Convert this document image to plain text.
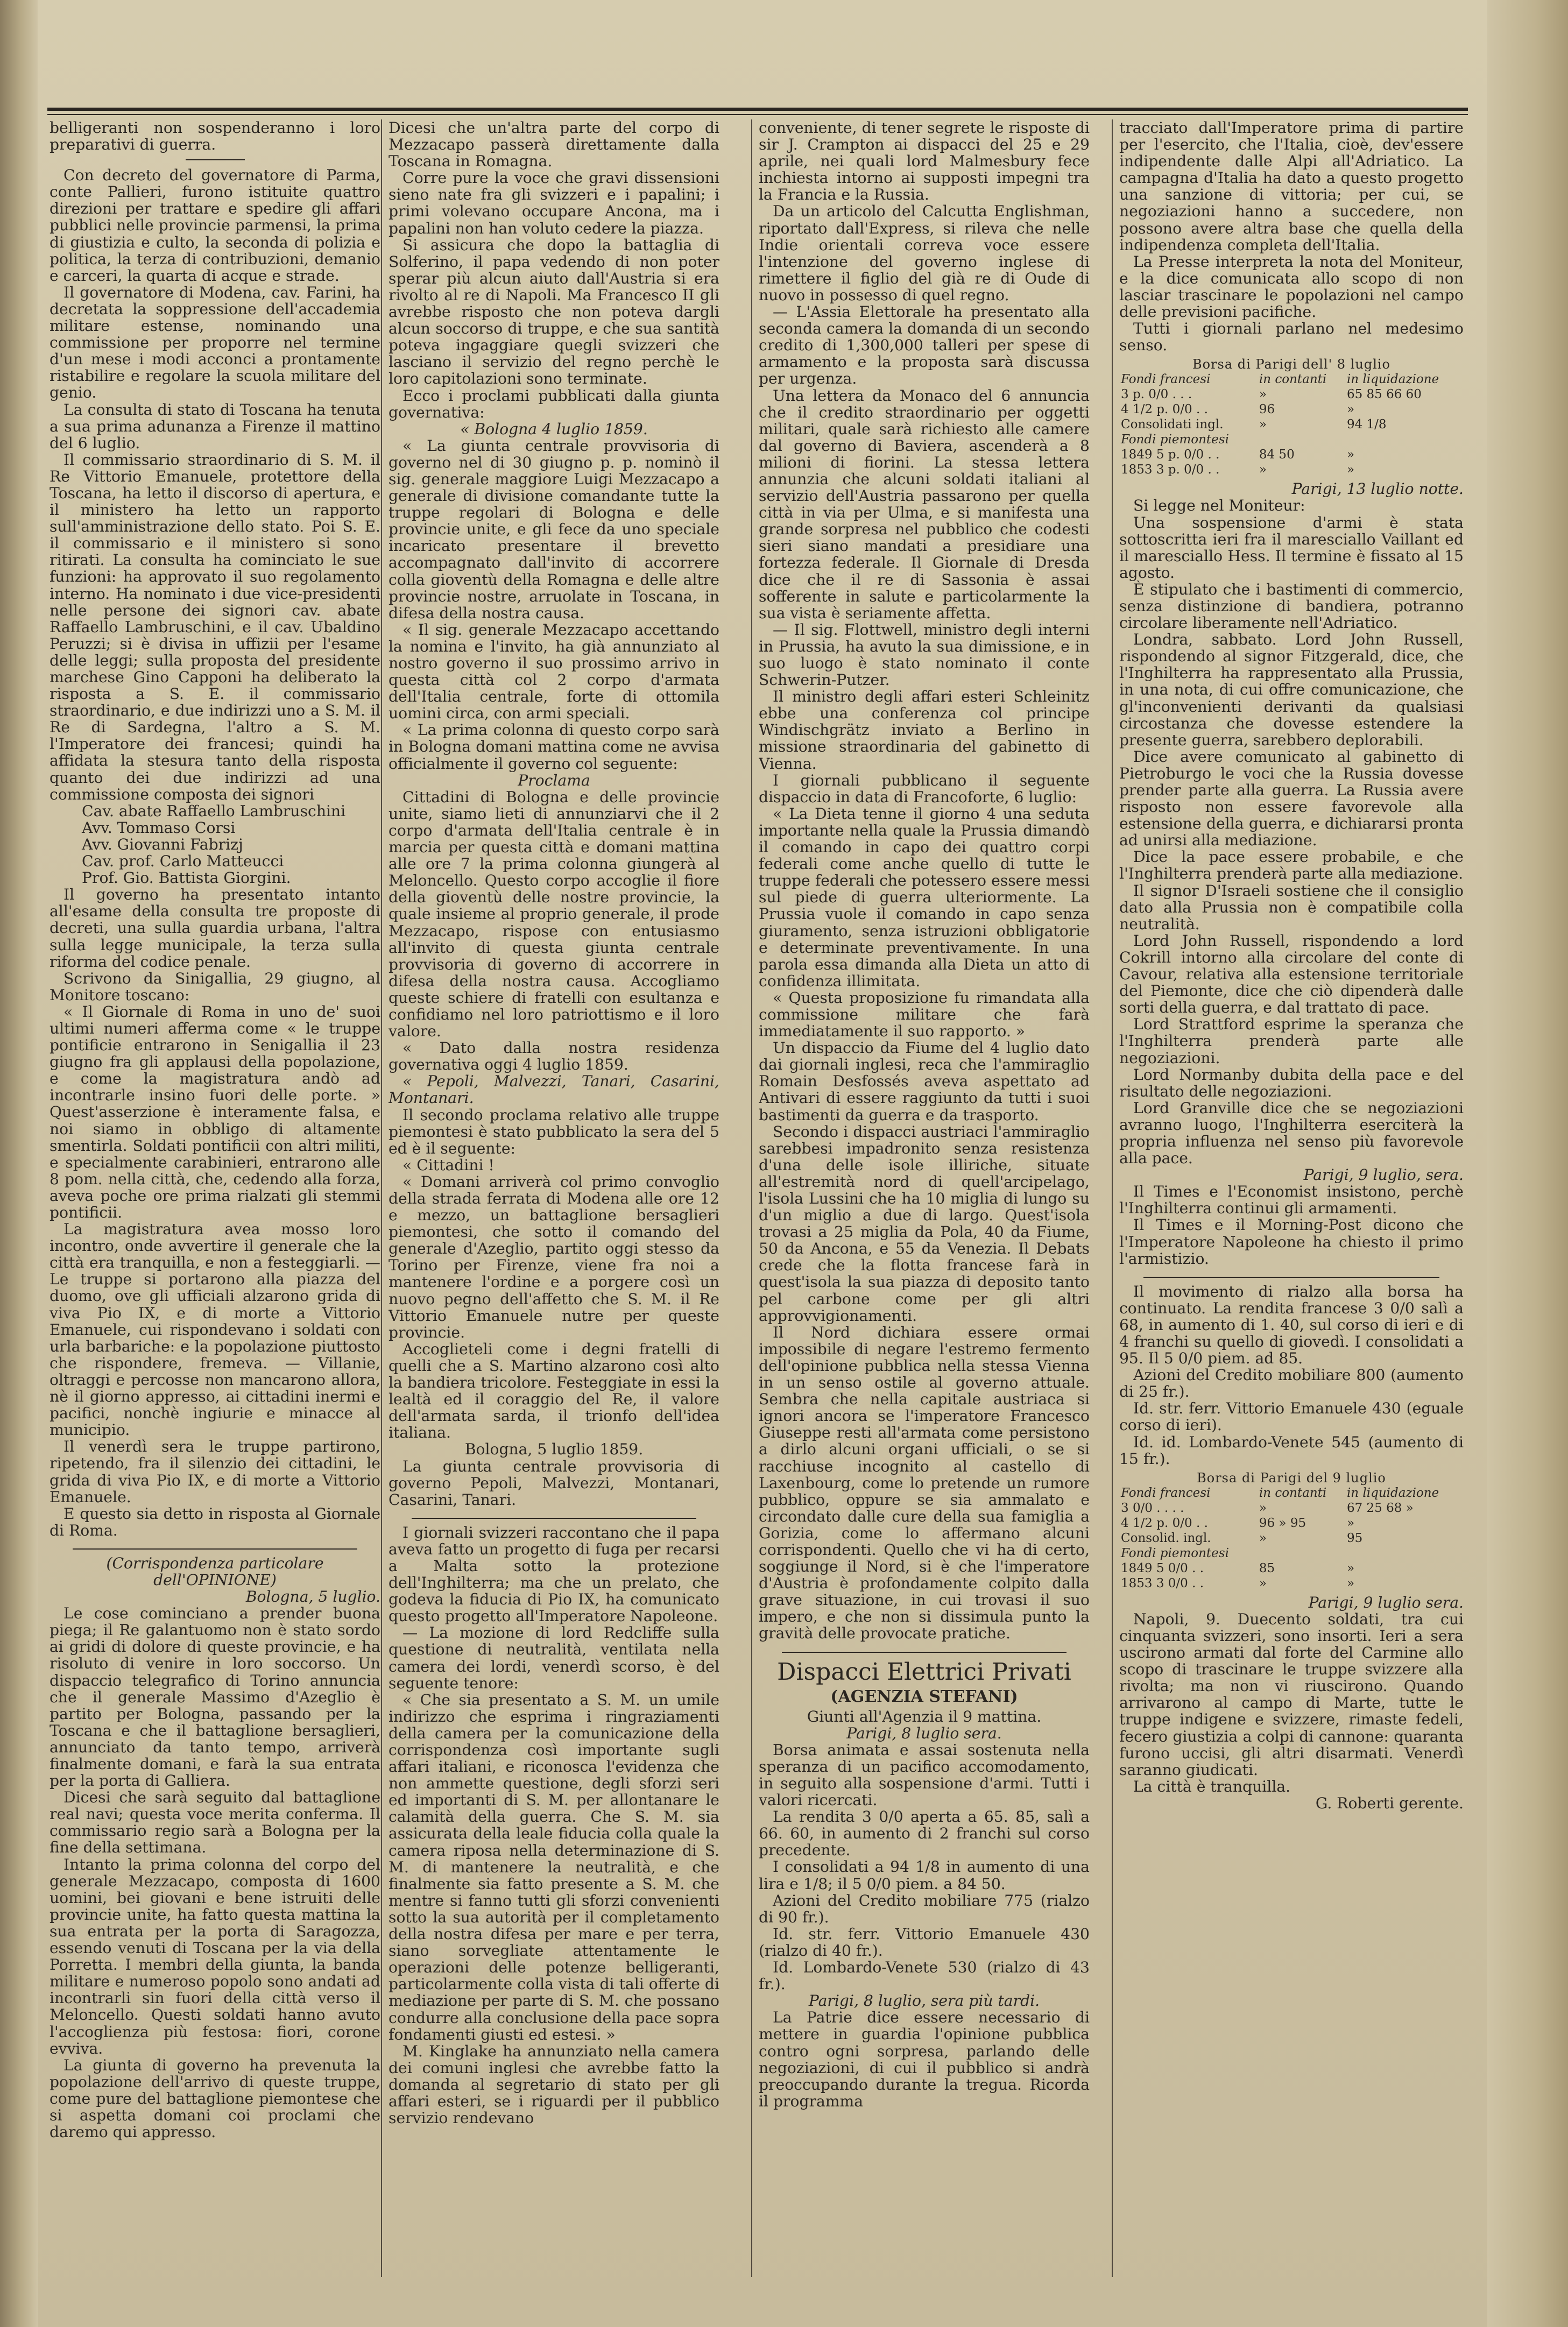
belligeranti non sospenderanno i loro preparativi di guerra.

Con decreto del governatore di Parma, conte Pallieri, furono istituite quattro direzioni per trattare e spedire gli affari pubblici nelle provincie parmensi, la prima di giustizia e culto, la seconda di polizia e politica, la terza di contribuzioni, demanio e carceri, la quarta di acque e strade.

Il governatore di Modena, cav. Farini, ha decretata la soppressione dell'accademia militare estense, nominando una commissione per proporre nel termine d'un mese i modi acconci a prontamente ristabilire e regolare la scuola militare del genio.

La consulta di stato di Toscana ha tenuta a sua prima adunanza a Firenze il mattino del 6 luglio.

Il commissario straordinario di S. M. il Re Vittorio Emanuele, protettore della Toscana, ha letto il discorso di apertura, e il ministero ha letto un rapporto sull'amministrazione dello stato. Poi S. E. il commissario e il ministero si sono ritirati. La consulta ha cominciato le sue funzioni: ha approvato il suo regolamento interno. Ha nominato i due vice-presidenti nelle persone dei signori cav. abate Raffaello Lambruschini, e il cav. Ubaldino Peruzzi; si è divisa in uffizii per l'esame delle leggi; sulla proposta del presidente marchese Gino Capponi ha deliberato la risposta a S. E. il commissario straordinario, e due indirizzi uno a S. M. il Re di Sardegna, l'altro a S. M. l'Imperatore dei francesi; quindi ha affidata la stesura tanto della risposta quanto dei due indirizzi ad una commissione composta dei signori

Cav. abate Raffaello Lambruschini

Avv. Tommaso Corsi

Avv. Giovanni Fabrizj

Cav. prof. Carlo Matteucci

Prof. Gio. Battista Giorgini.

Il governo ha presentato intanto all'esame della consulta tre proposte di decreti, una sulla guardia urbana, l'altra sulla legge municipale, la terza sulla riforma del codice penale.

Scrivono da Sinigallia, 29 giugno, al Monitore toscano:

« Il Giornale di Roma in uno de' suoi ultimi numeri afferma come « le truppe pontificie entrarono in Senigallia il 23 giugno fra gli applausi della popolazione, e come la magistratura andò ad incontrarle insino fuori delle porte. » Quest'asserzione è interamente falsa, e noi siamo in obbligo di altamente smentirla. Soldati pontificii con altri militi, e specialmente carabinieri, entrarono alle 8 pom. nella città, che, cedendo alla forza, aveva poche ore prima rialzati gli stemmi pontificii.

La magistratura avea mosso loro incontro, onde avvertire il generale che la città era tranquilla, e non a festeggiarli. — Le truppe si portarono alla piazza del duomo, ove gli ufficiali alzarono grida di viva Pio IX, e di morte a Vittorio Emanuele, cui rispondevano i soldati con urla barbariche: e la popolazione piuttosto che rispondere, fremeva. — Villanie, oltraggi e percosse non mancarono allora, nè il giorno appresso, ai cittadini inermi e pacifici, nonchè ingiurie e minacce al municipio.

Il venerdì sera le truppe partirono, ripetendo, fra il silenzio dei cittadini, le grida di viva Pio IX, e di morte a Vittorio Emanuele.

E questo sia detto in risposta al Giornale di Roma.

(Corrispondenza particolare dell'OPINIONE)

Bologna, 5 luglio.

Le cose cominciano a prender buona piega; il Re galantuomo non è stato sordo ai gridi di dolore di queste provincie, e ha risoluto di venire in loro soccorso. Un dispaccio telegrafico di Torino annuncia che il generale Massimo d'Azeglio è partito per Bologna, passando per la Toscana e che il battaglione bersaglieri, annunciato da tanto tempo, arriverà finalmente domani, e farà la sua entrata per la porta di Galliera.

Dicesi che sarà seguito dal battaglione real navi; questa voce merita conferma. Il commissario regio sarà a Bologna per la fine della settimana.

Intanto la prima colonna del corpo del generale Mezzacapo, composta di 1600 uomini, bei giovani e bene istruiti delle provincie unite, ha fatto questa mattina la sua entrata per la porta di Saragozza, essendo venuti di Toscana per la via della Porretta. I membri della giunta, la banda militare e numeroso popolo sono andati ad incontrarli sin fuori della città verso il Meloncello. Questi soldati hanno avuto l'accoglienza più festosa: fiori, corone evviva.

La giunta di governo ha prevenuta la popolazione dell'arrivo di queste truppe, come pure del battaglione piemontese che si aspetta domani coi proclami che daremo qui appresso.

Dicesi che un'altra parte del corpo di Mezzacapo passerà direttamente dalla Toscana in Romagna.

Corre pure la voce che gravi dissensioni sieno nate fra gli svizzeri e i papalini; i primi volevano occupare Ancona, ma i papalini non han voluto cedere la piazza.

Si assicura che dopo la battaglia di Solferino, il papa vedendo di non poter sperar più alcun aiuto dall'Austria si era rivolto al re di Napoli. Ma Francesco II gli avrebbe risposto che non poteva dargli alcun soccorso di truppe, e che sua santità poteva ingaggiare quegli svizzeri che lasciano il servizio del regno perchè le loro capitolazioni sono terminate.

Ecco i proclami pubblicati dalla giunta governativa:

« Bologna 4 luglio 1859.

« La giunta centrale provvisoria di governo nel di 30 giugno p. p. nominò il sig. generale maggiore Luigi Mezzacapo a generale di divisione comandante tutte la truppe regolari di Bologna e delle provincie unite, e gli fece da uno speciale incaricato presentare il brevetto accompagnato dall'invito di accorrere colla gioventù della Romagna e delle altre provincie nostre, arruolate in Toscana, in difesa della nostra causa.

« Il sig. generale Mezzacapo accettando la nomina e l'invito, ha già annunziato al nostro governo il suo prossimo arrivo in questa città col 2 corpo d'armata dell'Italia centrale, forte di ottomila uomini circa, con armi speciali.

« La prima colonna di questo corpo sarà in Bologna domani mattina come ne avvisa officialmente il governo col seguente:

Proclama

Cittadini di Bologna e delle provincie unite, siamo lieti di annunziarvi che il 2 corpo d'armata dell'Italia centrale è in marcia per questa città e domani mattina alle ore 7 la prima colonna giungerà al Meloncello. Questo corpo accoglie il fiore della gioventù delle nostre provincie, la quale insieme al proprio generale, il prode Mezzacapo, rispose con entusiasmo all'invito di questa giunta centrale provvisoria di governo di accorrere in difesa della nostra causa. Accogliamo queste schiere di fratelli con esultanza e confidiamo nel loro patriottismo e il loro valore.

« Dato dalla nostra residenza governativa oggi 4 luglio 1859.

« Pepoli, Malvezzi, Tanari, Casarini, Montanari.

Il secondo proclama relativo alle truppe piemontesi è stato pubblicato la sera del 5 ed è il seguente:

« Cittadini !

« Domani arriverà col primo convoglio della strada ferrata di Modena alle ore 12 e mezzo, un battaglione bersaglieri piemontesi, che sotto il comando del generale d'Azeglio, partito oggi stesso da Torino per Firenze, viene fra noi a mantenere l'ordine e a porgere così un nuovo pegno dell'affetto che S. M. il Re Vittorio Emanuele nutre per queste provincie.

Accoglieteli come i degni fratelli di quelli che a S. Martino alzarono così alto la bandiera tricolore. Festeggiate in essi la lealtà ed il coraggio del Re, il valore dell'armata sarda, il trionfo dell'idea italiana.

Bologna, 5 luglio 1859.

La giunta centrale provvisoria di governo Pepoli, Malvezzi, Montanari, Casarini, Tanari.

I giornali svizzeri raccontano che il papa aveva fatto un progetto di fuga per recarsi a Malta sotto la protezione dell'Inghilterra; ma che un prelato, che godeva la fiducia di Pio IX, ha comunicato questo progetto all'Imperatore Napoleone.

— La mozione di lord Redcliffe sulla questione di neutralità, ventilata nella camera dei lordi, venerdì scorso, è del seguente tenore:

« Che sia presentato a S. M. un umile indirizzo che esprima i ringraziamenti della camera per la comunicazione della corrispondenza così importante sugli affari italiani, e riconosca l'evidenza che non ammette questione, degli sforzi seri ed importanti di S. M. per allontanare le calamità della guerra. Che S. M. sia assicurata della leale fiducia colla quale la camera riposa nella determinazione di S. M. di mantenere la neutralità, e che finalmente sia fatto presente a S. M. che mentre si fanno tutti gli sforzi convenienti sotto la sua autorità per il completamento della nostra difesa per mare e per terra, siano sorvegliate attentamente le operazioni delle potenze belligeranti, particolarmente colla vista di tali offerte di mediazione per parte di S. M. che possano condurre alla conclusione della pace sopra fondamenti giusti ed estesi. »

M. Kinglake ha annunziato nella camera dei comuni inglesi che avrebbe fatto la domanda al segretario di stato per gli affari esteri, se i riguardi per il pubblico servizio rendevano

conveniente, di tener segrete le risposte di sir J. Crampton ai dispacci del 25 e 29 aprile, nei quali lord Malmesbury fece inchiesta intorno ai supposti impegni tra la Francia e la Russia.

Da un articolo del Calcutta Englishman, riportato dall'Express, si rileva che nelle Indie orientali correva voce essere l'intenzione del governo inglese di rimettere il figlio del già re di Oude di nuovo in possesso di quel regno.

— L'Assia Elettorale ha presentato alla seconda camera la domanda di un secondo credito di 1,300,000 talleri per spese di armamento e la proposta sarà discussa per urgenza.

Una lettera da Monaco del 6 annuncia che il credito straordinario per oggetti militari, quale sarà richiesto alle camere dal governo di Baviera, ascenderà a 8 milioni di fiorini. La stessa lettera annunzia che alcuni soldati italiani al servizio dell'Austria passarono per quella città in via per Ulma, e si manifesta una grande sorpresa nel pubblico che codesti sieri siano mandati a presidiare una fortezza federale. Il Giornale di Dresda dice che il re di Sassonia è assai sofferente in salute e particolarmente la sua vista è seriamente affetta.

— Il sig. Flottwell, ministro degli interni in Prussia, ha avuto la sua dimissione, e in suo luogo è stato nominato il conte Schwerin-Putzer.

Il ministro degli affari esteri Schleinitz ebbe una conferenza col principe Windischgrätz inviato a Berlino in missione straordinaria del gabinetto di Vienna.

I giornali pubblicano il seguente dispaccio in data di Francoforte, 6 luglio:

« La Dieta tenne il giorno 4 una seduta importante nella quale la Prussia dimandò il comando in capo dei quattro corpi federali come anche quello di tutte le truppe federali che potessero essere messi sul piede di guerra ulteriormente. La Prussia vuole il comando in capo senza giuramento, senza istruzioni obbligatorie e determinate preventivamente. In una parola essa dimanda alla Dieta un atto di confidenza illimitata.

« Questa proposizione fu rimandata alla commissione militare che farà immediatamente il suo rapporto. »

Un dispaccio da Fiume del 4 luglio dato dai giornali inglesi, reca che l'ammiraglio Romain Desfossés aveva aspettato ad Antivari di essere raggiunto da tutti i suoi bastimenti da guerra e da trasporto.

Secondo i dispacci austriaci l'ammiraglio sarebbesi impadronito senza resistenza d'una delle isole illiriche, situate all'estremità nord di quell'arcipelago, l'isola Lussini che ha 10 miglia di lungo su d'un miglio a due di largo. Quest'isola trovasi a 25 miglia da Pola, 40 da Fiume, 50 da Ancona, e 55 da Venezia. Il Debats crede che la flotta francese farà in quest'isola la sua piazza di deposito tanto pel carbone come per gli altri approvvigionamenti.

Il Nord dichiara essere ormai impossibile di negare l'estremo fermento dell'opinione pubblica nella stessa Vienna in un senso ostile al governo attuale. Sembra che nella capitale austriaca si ignori ancora se l'imperatore Francesco Giuseppe resti all'armata come persistono a dirlo alcuni organi ufficiali, o se si racchiuse incognito al castello di Laxenbourg, come lo pretende un rumore pubblico, oppure se sia ammalato e circondato dalle cure della sua famiglia a Gorizia, come lo affermano alcuni corrispondenti. Quello che vi ha di certo, soggiunge il Nord, si è che l'imperatore d'Austria è profondamente colpito dalla grave situazione, in cui trovasi il suo impero, e che non si dissimula punto la gravità delle provocate pratiche.

Dispacci Elettrici Privati

(AGENZIA STEFANI)

Giunti all'Agenzia il 9 mattina.

Parigi, 8 luglio sera.

Borsa animata e assai sostenuta nella speranza di un pacifico accomodamento, in seguito alla sospensione d'armi. Tutti i valori ricercati.

La rendita 3 0/0 aperta a 65. 85, salì a 66. 60, in aumento di 2 franchi sul corso precedente.

I consolidati a 94 1/8 in aumento di una lira e 1/8; il 5 0/0 piem. a 84 50.

Azioni del Credito mobiliare 775 (rialzo di 90 fr.).

Id. str. ferr. Vittorio Emanuele 430 (rialzo di 40 fr.).

Id. Lombardo-Venete 530 (rialzo di 43 fr.).

Parigi, 8 luglio, sera più tardi.

La Patrie dice essere necessario di mettere in guardia l'opinione pubblica contro ogni sorpresa, parlando delle negoziazioni, di cui il pubblico si andrà preoccupando durante la tregua. Ricorda il programma

tracciato dall'Imperatore prima di partire per l'esercito, che l'Italia, cioè, dev'essere indipendente dalle Alpi all'Adriatico. La campagna d'Italia ha dato a questo progetto una sanzione di vittoria; per cui, se negoziazioni hanno a succedere, non possono avere altra base che quella della indipendenza completa dell'Italia.

La Presse interpreta la nota del Moniteur, e la dice comunicata allo scopo di non lasciar trascinare le popolazioni nel campo delle previsioni pacifiche.

Tutti i giornali parlano nel medesimo senso.

Borsa di Parigi dell' 8 luglio
Fondi francesi	in contanti	in liquidazione
3 p. 0/0 . . .	»	65 85 66 60
4 1/2 p. 0/0 . .	96	»
Consolidati ingl.	»	94 1/8
Fondi piemontesi		
1849 5 p. 0/0 . .	84 50	»
1853 3 p. 0/0 . .	»	»

Parigi, 13 luglio notte.

Si legge nel Moniteur:

Una sospensione d'armi è stata sottoscritta ieri fra il maresciallo Vaillant ed il maresciallo Hess. Il termine è fissato al 15 agosto.

È stipulato che i bastimenti di commercio, senza distinzione di bandiera, potranno circolare liberamente nell'Adriatico.

Londra, sabbato. Lord John Russell, rispondendo al signor Fitzgerald, dice, che l'Inghilterra ha rappresentato alla Prussia, in una nota, di cui offre comunicazione, che gl'inconvenienti derivanti da qualsiasi circostanza che dovesse estendere la presente guerra, sarebbero deplorabili.

Dice avere comunicato al gabinetto di Pietroburgo le voci che la Russia dovesse prender parte alla guerra. La Russia avere risposto non essere favorevole alla estensione della guerra, e dichiararsi pronta ad unirsi alla mediazione.

Dice la pace essere probabile, e che l'Inghilterra prenderà parte alla mediazione.

Il signor D'Israeli sostiene che il consiglio dato alla Prussia non è compatibile colla neutralità.

Lord John Russell, rispondendo a lord Cokrill intorno alla circolare del conte di Cavour, relativa alla estensione territoriale del Piemonte, dice che ciò dipenderà dalle sorti della guerra, e dal trattato di pace.

Lord Strattford esprime la speranza che l'Inghilterra prenderà parte alle negoziazioni.

Lord Normanby dubita della pace e del risultato delle negoziazioni.

Lord Granville dice che se negoziazioni avranno luogo, l'Inghilterra eserciterà la propria influenza nel senso più favorevole alla pace.

Parigi, 9 luglio, sera.

Il Times e l'Economist insistono, perchè l'Inghilterra continui gli armamenti.

Il Times e il Morning-Post dicono che l'Imperatore Napoleone ha chiesto il primo l'armistizio.

Il movimento di rialzo alla borsa ha continuato. La rendita francese 3 0/0 salì a 68, in aumento di 1. 40, sul corso di ieri e di 4 franchi su quello di giovedì. I consolidati a 95. Il 5 0/0 piem. ad 85.

Azioni del Credito mobiliare 800 (aumento di 25 fr.).

Id. str. ferr. Vittorio Emanuele 430 (eguale corso di ieri).

Id. id. Lombardo-Venete 545 (aumento di 15 fr.).

Borsa di Parigi del 9 luglio
Fondi francesi	in contanti	in liquidazione
3 0/0 . . . .	»	67 25 68 »
4 1/2 p. 0/0 . .	96 » 95	»
Consolid. ingl.	»	95
Fondi piemontesi		
1849 5 0/0 . .	85	»
1853 3 0/0 . .	»	»

Parigi, 9 luglio sera.

Napoli, 9. Duecento soldati, tra cui cinquanta svizzeri, sono insorti. Ieri a sera uscirono armati dal forte del Carmine allo scopo di trascinare le truppe svizzere alla rivolta; ma non vi riuscirono. Quando arrivarono al campo di Marte, tutte le truppe indigene e svizzere, rimaste fedeli, fecero giustizia a colpi di cannone: quaranta furono uccisi, gli altri disarmati. Venerdì saranno giudicati.

La città è tranquilla.

G. Roberti gerente.
